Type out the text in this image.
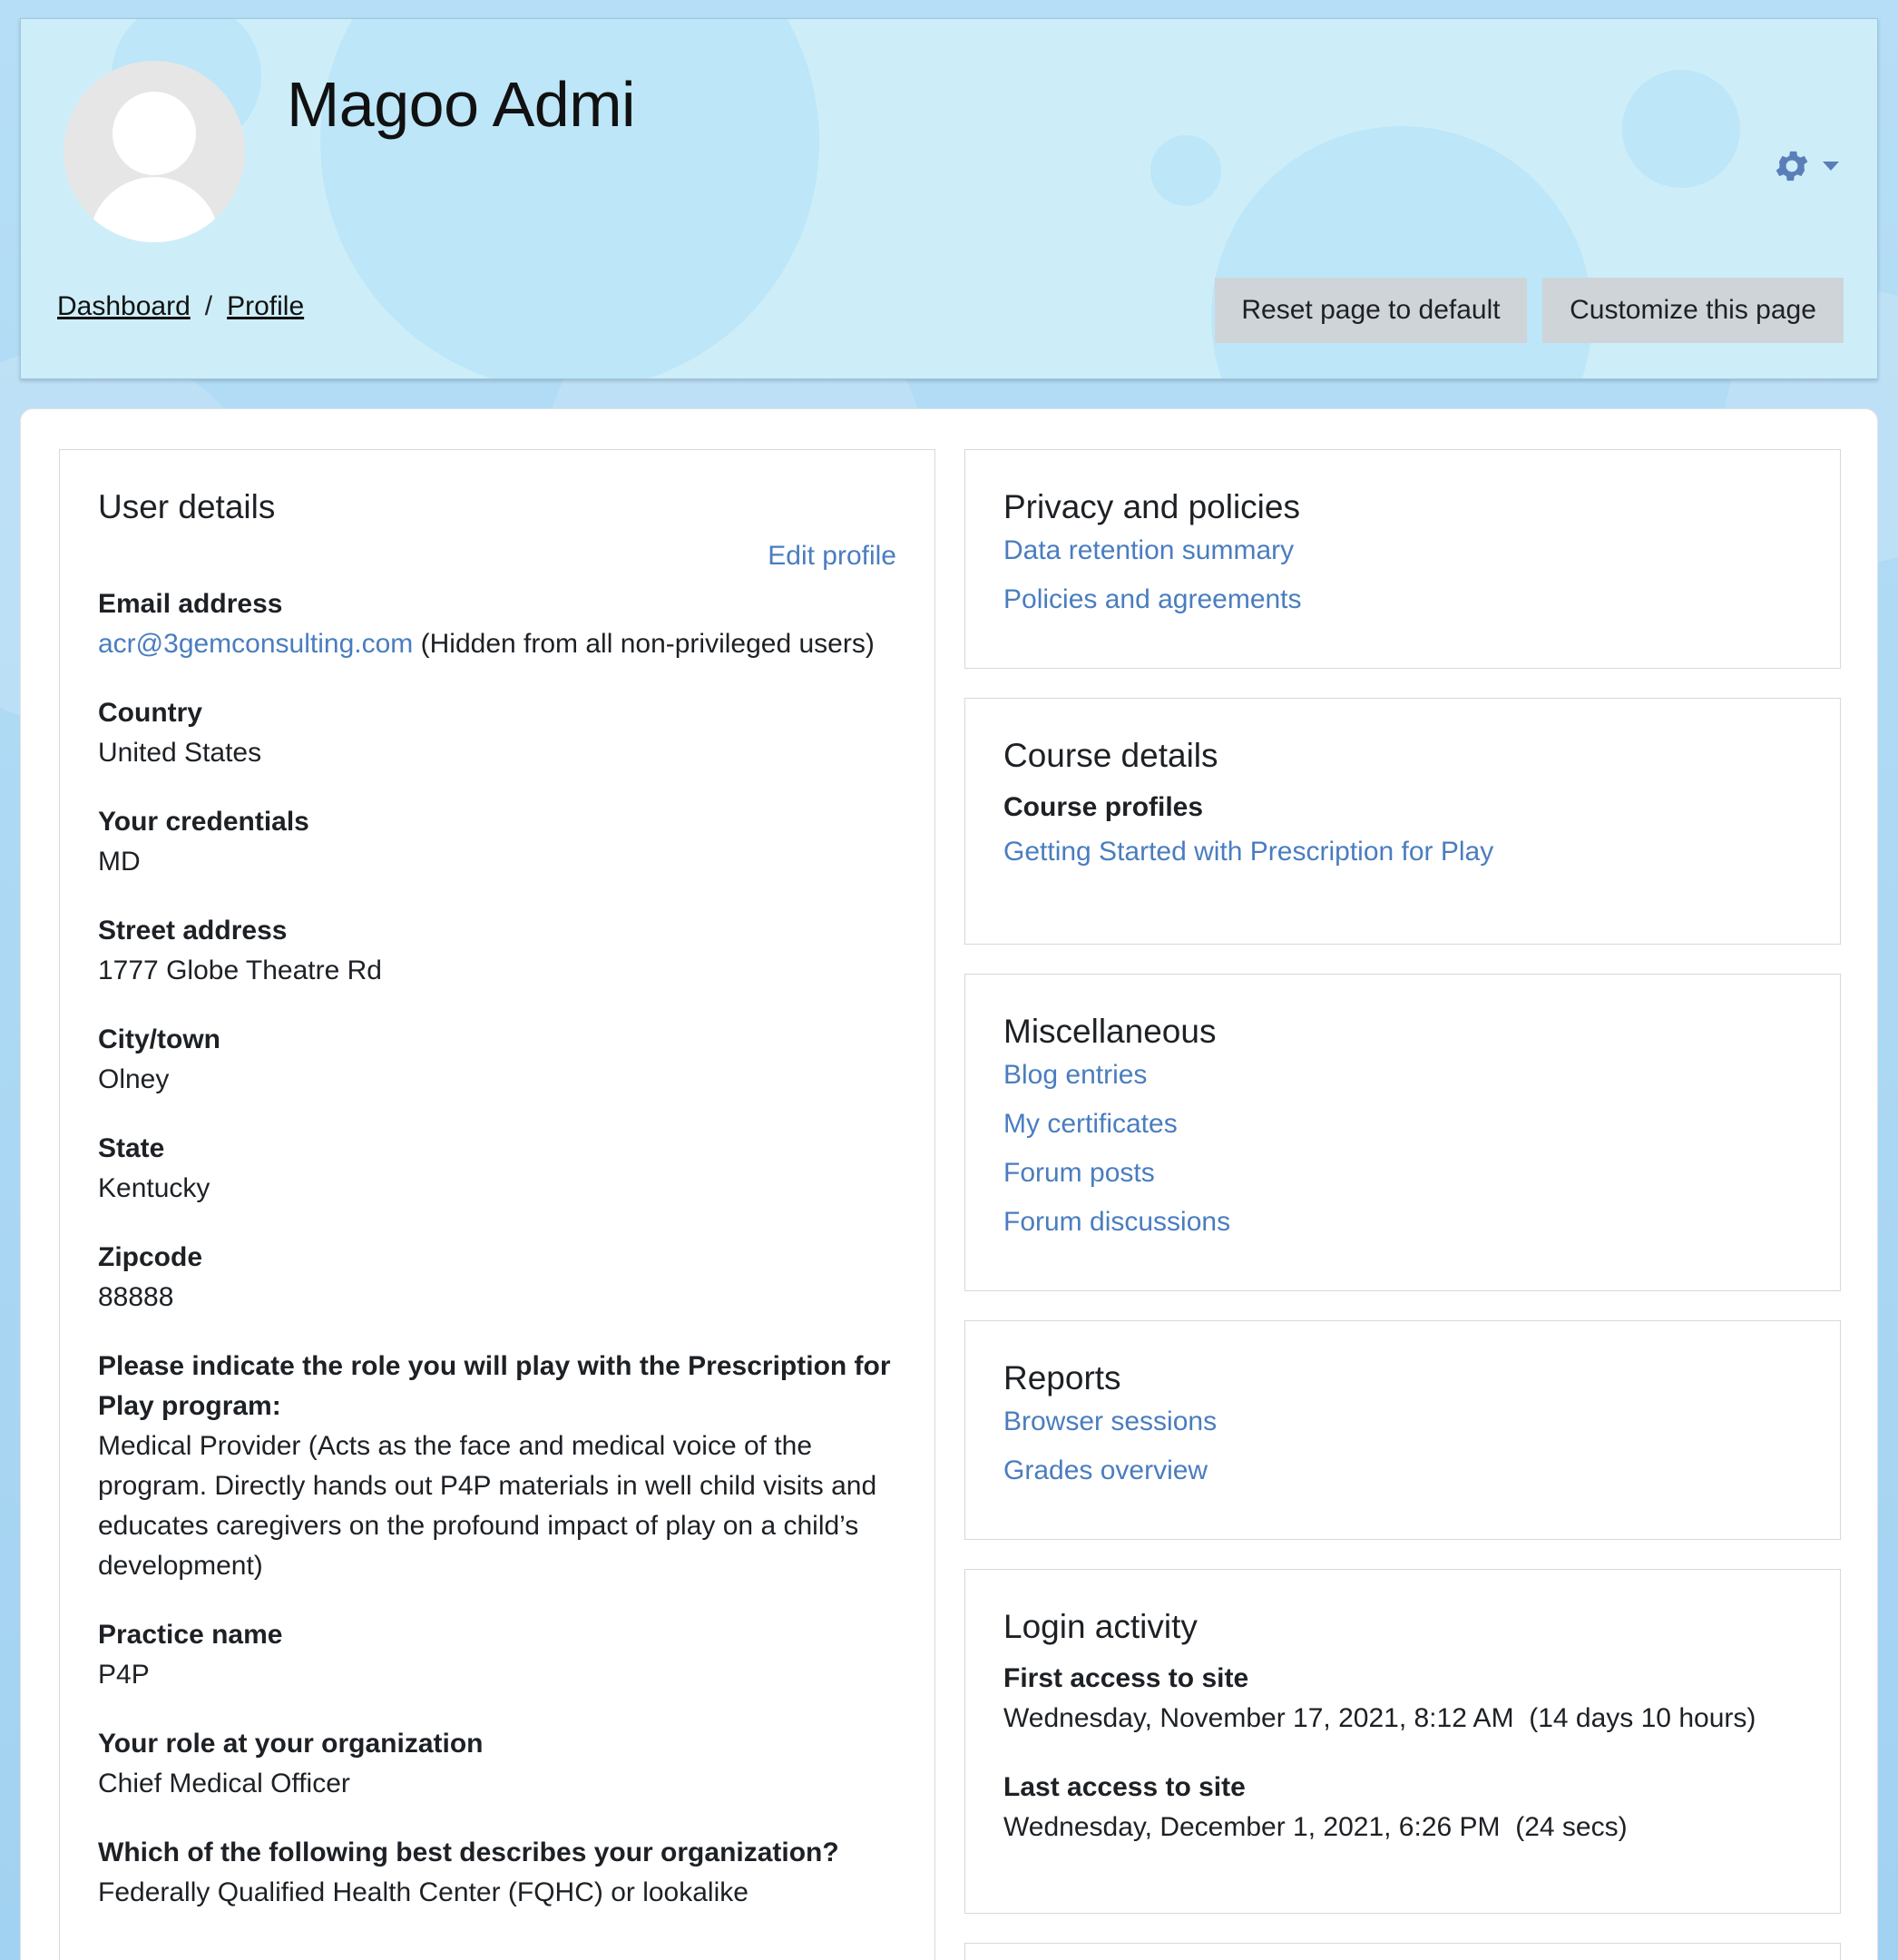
Magoo Admi
Dashboard / Profile	Reset page to default	Customize this page
User details
Edit profile
Email address
acr@3gemconsulting.com (Hidden from all non-privileged users)
Country
United States
Your credentials
MD
Street address
1777 Globe Theatre Rd
City/town
Olney
State
Kentucky
Zipcode
88888
Please indicate the role you will play with the Prescription for Play program:
Medical Provider (Acts as the face and medical voice of the program. Directly hands out P4P materials in well child visits and educates caregivers on the profound impact of play on a child’s development)
Practice name
P4P
Your role at your organization
Chief Medical Officer
Which of the following best describes your organization?
Federally Qualified Health Center (FQHC) or lookalike
Privacy and policies
Data retention summary
Policies and agreements
Course details
Course profiles
Getting Started with Prescription for Play
Miscellaneous
Blog entries
My certificates
Forum posts
Forum discussions
Reports
Browser sessions
Grades overview
Login activity
First access to site
Wednesday, November 17, 2021, 8:12 AM  (14 days 10 hours)
Last access to site
Wednesday, December 1, 2021, 6:26 PM  (24 secs)
